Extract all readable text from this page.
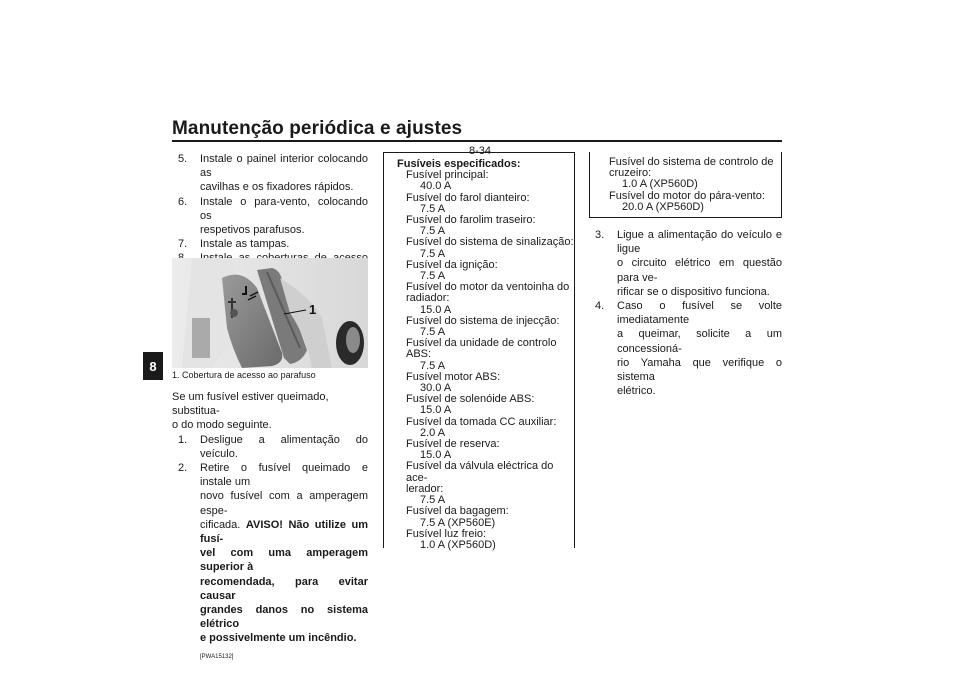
Manutenção periódica e ajustes
8-34
8
5.	Instale o painel interior colocando as
cavilhas e os fixadores rápidos.
6.	Instale o para-vento, colocando os
respetivos parafusos.
7.	Instale as tampas.
1
1. Cobertura de acesso ao parafuso
Se um fusível estiver queimado, substitua-
o do modo seguinte.
1.	Desligue a alimentação do veículo.
2.	Retire o fusível queimado e instale um
novo fusível com a amperagem espe-
cificada. AVISO! Não utilize um fusí-
vel com uma amperagem superior à
recomendada, para evitar causar
grandes danos no sistema elétrico
e possivelmente um incêndio.
[PWA15132]
Fusíveis especificados:
Fusível principal:
40.0 A
Fusível do farol dianteiro:
7.5 A
Fusível do farolim traseiro:
7.5 A
Fusível do sistema de sinalização:
7.5 A
Fusível da ignição:
7.5 A
Fusível do motor da ventoinha do
radiador:
15.0 A
Fusível do sistema de injecção:
7.5 A
Fusível da unidade de controlo
ABS:
7.5 A
Fusível motor ABS:
30.0 A
Fusível de solenóide ABS:
15.0 A
Fusível da tomada CC auxiliar:
2.0 A
Fusível de reserva:
15.0 A
Fusível da válvula eléctrica do ace-
lerador:
7.5 A
Fusível da bagagem:
7.5 A (XP560E)
Fusível luz freio:
1.0 A (XP560D)
Fusível do sistema de controlo de
cruzeiro:
1.0 A (XP560D)
Fusível do motor do pára-vento:
20.0 A (XP560D)
3.	Ligue a alimentação do veículo e ligue
o circuito elétrico em questão para ve-
rificar se o dispositivo funciona.
4.	Caso o fusível se volte imediatamente
a queimar, solicite a um concessioná-
rio Yamaha que verifique o sistema
elétrico.
